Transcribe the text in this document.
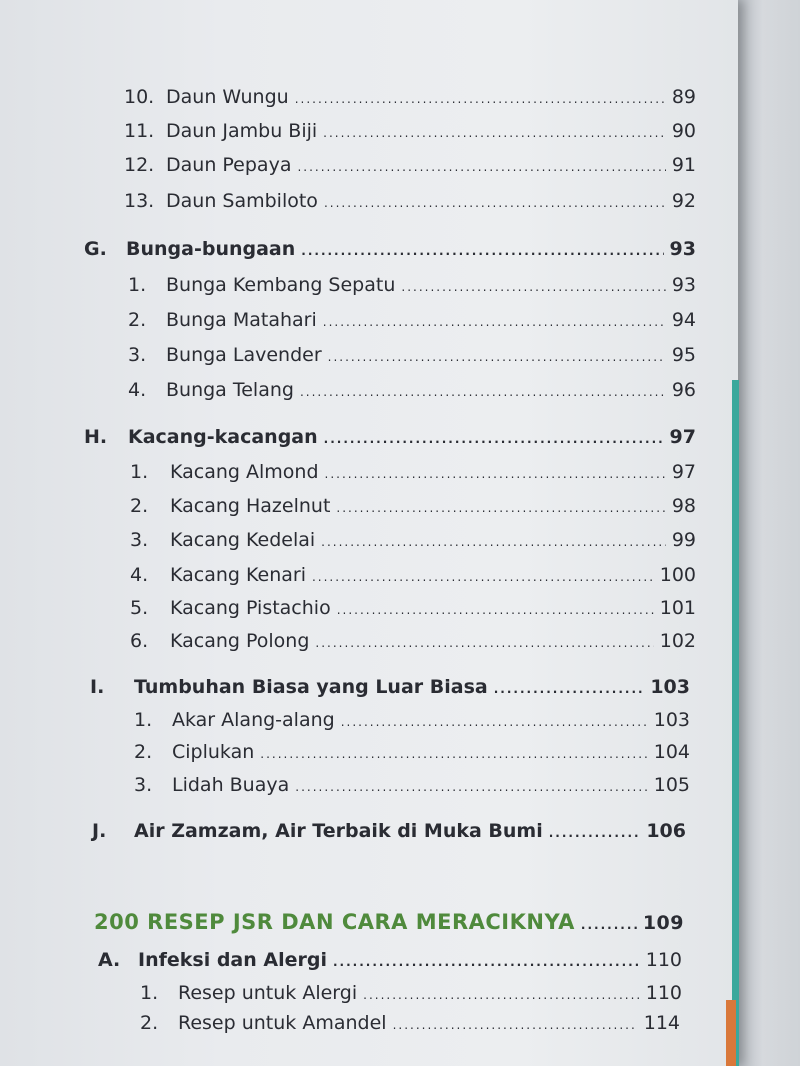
10. Daun Wungu .....	89
11. Daun Jambu Biji .....	90
12. Daun Pepaya .....	91
13. Daun Sambiloto .....	92
G.	Bunga-bungaan .....	93
1.	Bunga Kembang Sepatu .....	93
2.	Bunga Matahari .....	94
3.	Bunga Lavender .....	95
4.	Bunga Telang .....	96
H.	Kacang-kacangan .....	97
1.	Kacang Almond .....	97
2.	Kacang Hazelnut .....	98
3.	Kacang Kedelai .....	99
4.	Kacang Kenari .....	100
5.	Kacang Pistachio .....	101
6.	Kacang Polong .....	102
I.	Tumbuhan Biasa yang Luar Biasa .....	103
1.	Akar Alang-alang .....	103
2.	Ciplukan .....	104
3.	Lidah Buaya .....	105
J.	Air Zamzam, Air Terbaik di Muka Bumi .....	106
200 RESEP JSR DAN CARA MERACIKNYA .....	109
A. Infeksi dan Alergi .....	110
1.	Resep untuk Alergi .....	110
2.	Resep untuk Amandel .....	114
